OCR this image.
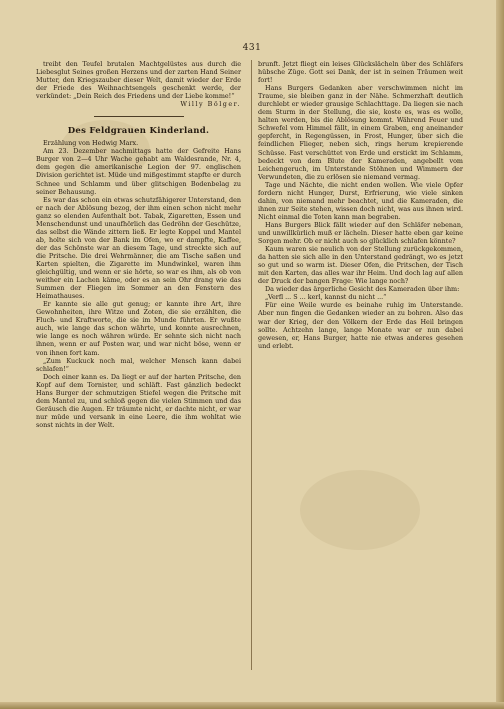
431

treibt den Teufel brutalen Machtgelüstes aus durch die Liebesglut Seines großen Herzens und der zarten Hand Seiner Mutter, den Kriegszauber dieser Welt, damit wieder der Erde der Friede des Weihnachtsengels geschenkt werde, der verkündet: „Dein Reich des Friedens und der Liebe komme!“

Willy Bölger.

Des Feldgrauen Kinderland.

Erzählung von Hedwig Marx.

Am 23. Dezember nachmittags hatte der Gefreite Hans Burger von 2—4 Uhr Wache gehabt am Waldesrande, Nr. 4, dem gegen die amerikanische Legion der 97. englischen Division gerichtet ist. Müde und mißgestimmt stapfte er durch Schnee und Schlamm und über glitschigen Bodenbelag zu seiner Behausung.

Es war das schon ein etwas schutzfähigerer Unterstand, den er nach der Ablösung bezog, der ihm einen schon nicht mehr ganz so elenden Aufenthalt bot. Tabak, Zigaretten, Essen und Menschendunst und unaufhörlich das Gedröhn der Geschütze, das selbst die Wände zittern ließ. Er legte Koppel und Mantel ab, holte sich von der Bank im Ofen, wo er dampfte, Kaffee, der das Schönste war an diesem Tage, und streckte sich auf die Pritsche. Die drei Wehrmänner, die am Tische saßen und Karten spielten, die Zigarette im Mundwinkel, waren ihm gleichgültig, und wenn er sie hörte, so war es ihm, als ob von weither ein Lachen käme, oder es an sein Ohr drang wie das Summen der Fliegen im Sommer an den Fenstern des Heimathauses.

Er kannte sie alle gut genug; er kannte ihre Art, ihre Gewohnheiten, ihre Witze und Zoten, die sie erzählten, die Fluch- und Kraftworte, die sie im Munde führten. Er wußte auch, wie lange das schon währte, und konnte ausrechnen, wie lange es noch währen würde. Er sehnte sich nicht nach ihnen, wenn er auf Posten war, und war nicht böse, wenn er von ihnen fort kam.

„Zum Kuckuck noch mal, welcher Mensch kann dabei schlafen!“

Doch einer kann es. Da liegt er auf der harten Pritsche, den Kopf auf dem Tornister, und schläft. Fast gänzlich bedeckt Hans Burger der schmutzigen Stiefel wegen die Pritsche mit dem Mantel zu, und schloß gegen die vielen Stimmen und das Geräusch die Augen. Er träumte nicht, er dachte nicht, er war nur müde und versank in eine Leere, die ihm wohltat wie sonst nichts in der Welt.

brunft. Jetzt fliegt ein leises Glückslächeln über des Schläfers hübsche Züge. Gott sei Dank, der ist in seinen Träumen weit fort!

Hans Burgers Gedanken aber verschwimmen nicht im Traume, sie bleiben ganz in der Nähe. Schmerzhaft deutlich durchlebt er wieder grausige Schlachttage. Da liegen sie nach dem Sturm in der Stellung, die sie, koste es, was es wolle, halten werden, bis die Ablösung kommt. Während Feuer und Schwefel vom Himmel fällt, in einem Graben, eng aneinander gepfercht, in Regengüssen, in Frost, Hunger, über sich die feindlichen Flieger, neben sich, rings herum krepierende Schüsse. Fast verschüttet von Erde und erstickt im Schlamm, bedeckt von dem Blute der Kameraden, angebellt vom Leichengeruch, im Unterstande Stöhnen und Wimmern der Verwundeten, die zu erlösen sie niemand vermag.

Tage und Nächte, die nicht enden wollen. Wie viele Opfer fordern nicht Hunger, Durst, Erfrierung, wie viele sinken dahin, von niemand mehr beachtet, und die Kameraden, die ihnen zur Seite stehen, wissen doch nicht, was aus ihnen wird. Nicht einmal die Toten kann man begraben.

Hans Burgers Blick fällt wieder auf den Schläfer nebenan, und unwillkürlich muß er lächeln. Dieser hatte eben gar keine Sorgen mehr. Ob er nicht auch so glücklich schlafen könnte?

Kaum waren sie neulich von der Stellung zurückgekommen, da hatten sie sich alle in den Unterstand gedrängt, wo es jetzt so gut und so warm ist. Dieser Ofen, die Pritschen, der Tisch mit den Karten, das alles war ihr Heim. Und doch lag auf allen der Druck der bangen Frage: Wie lange noch?

Da wieder das ärgerliche Gesicht des Kameraden über ihm:

„Verfl ... S ... kerl, kannst du nicht ...“

Für eine Weile wurde es beinahe ruhig im Unterstande. Aber nun fingen die Gedanken wieder an zu bohren. Also das war der Krieg, der den Völkern der Erde das Heil bringen sollte. Achtzehn lange, lange Monate war er nun dabei gewesen, er, Hans Burger, hatte nie etwas anderes gesehen und erlebt.
